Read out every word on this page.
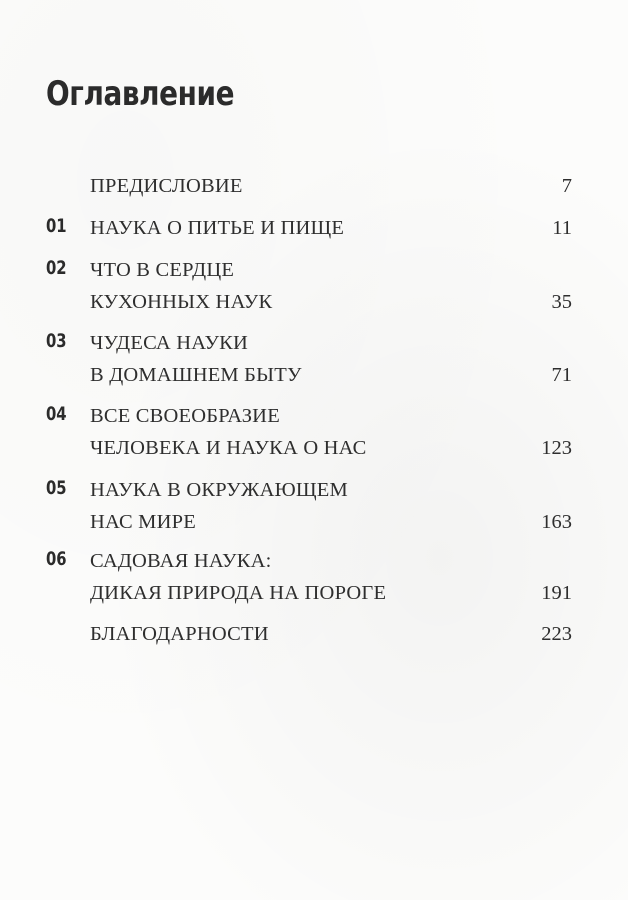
Оглавление
ПРЕДИСЛОВИЕ	7
01 НАУКА О ПИТЬЕ И ПИЩЕ	11
02 ЧТО В СЕРДЦЕ
КУХОННЫХ НАУК	35
03 ЧУДЕСА НАУКИ
В ДОМАШНЕМ БЫТУ	71
04 ВСЕ СВОЕОБРАЗИЕ
ЧЕЛОВЕКА И НАУКА О НАС	123
05 НАУКА В ОКРУЖАЮЩЕМ
НАС МИРЕ	163
06 САДОВАЯ НАУКА:
ДИКАЯ ПРИРОДА НА ПОРОГЕ	191
БЛАГОДАРНОСТИ	223
